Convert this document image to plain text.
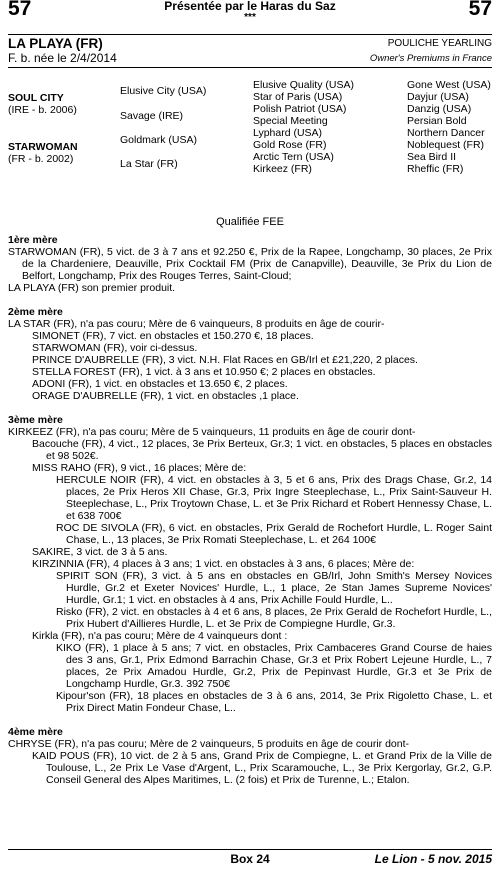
57	Présentée par le Haras du Saz
***	57
LA PLAYA (FR)
F. b. née le 2/4/2014
POULICHE YEARLING
Owner's Premiums in France
SOUL CITY
(IRE - b. 2006)
STARWOMAN
(FR - b. 2002)
Elusive City (USA)
Savage (IRE)
Goldmark (USA)
La Star (FR)
Elusive Quality (USA)
Star of Paris (USA)
Polish Patriot (USA)
Special Meeting
Lyphard (USA)
Gold Rose (FR)
Arctic Tern (USA)
Kirkeez (FR)
Gone West (USA)
Dayjur (USA)
Danzig (USA)
Persian Bold
Northern Dancer
Noblequest (FR)
Sea Bird II
Rheffic (FR)
Qualifiée FEE

1ère mère

STARWOMAN (FR), 5 vict. de 3 à 7 ans et 92.250 €, Prix de la Rapee, Longchamp, 30 places, 2e Prix de la Chardeniere, Deauville, Prix Cocktail FM (Prix de Canapville), Deauville, 3e Prix du Lion de Belfort, Longchamp, Prix des Rouges Terres, Saint-Cloud;

LA PLAYA (FR) son premier produit.

2ème mère

LA STAR (FR), n'a pas couru; Mère de 6 vainqueurs, 8 produits en âge de courir-

SIMONET (FR), 7 vict. en obstacles et 150.270 €, 18 places.

STARWOMAN (FR), voir ci-dessus.

PRINCE D'AUBRELLE (FR), 3 vict. N.H. Flat Races en GB/Irl et £21,220, 2 places.

STELLA FOREST (FR), 1 vict. à 3 ans et 10.950 €; 2 places en obstacles.

ADONI (FR), 1 vict. en obstacles et 13.650 €, 2 places.

ORAGE D'AUBRELLE (FR), 1 vict. en obstacles ,1 place.

3ème mère

KIRKEEZ (FR), n'a pas couru; Mère de 5 vainqueurs, 11 produits en âge de courir dont-

Bacouche (FR), 4 vict., 12 places, 3e Prix Berteux, Gr.3; 1 vict. en obstacles, 5 places en obstacles et 98 502€.

MISS RAHO (FR), 9 vict., 16 places; Mère de:

HERCULE NOIR (FR), 4 vict. en obstacles à 3, 5 et 6 ans, Prix des Drags Chase, Gr.2, 14 places, 2e Prix Heros XII Chase, Gr.3, Prix Ingre Steeplechase, L., Prix Saint-Sauveur H. Steeplechase, L., Prix Troytown Chase, L. et 3e Prix Richard et Robert Hennessy Chase, L. et 638 700€

ROC DE SIVOLA (FR), 6 vict. en obstacles, Prix Gerald de Rochefort Hurdle, L. Roger Saint Chase, L., 13 places, 3e Prix Romati Steeplechase, L. et 264 100€

SAKIRE, 3 vict. de 3 à 5 ans.

KIRZINNIA (FR), 4 places à 3 ans; 1 vict. en obstacles à 3 ans, 6 places; Mère de:

SPIRIT SON (FR), 3 vict. à 5 ans en obstacles en GB/Irl, John Smith's Mersey Novices Hurdle, Gr.2 et Exeter Novices' Hurdle, L., 1 place, 2e Stan James Supreme Novices' Hurdle, Gr.1; 1 vict. en obstacles à 4 ans, Prix Achille Fould Hurdle, L..

Risko (FR), 2 vict. en obstacles à 4 et 6 ans, 8 places, 2e Prix Gerald de Rochefort Hurdle, L., Prix Hubert d'Aillieres Hurdle, L. et 3e Prix de Compiegne Hurdle, Gr.3.

Kirkla (FR), n'a pas couru; Mère de 4 vainqueurs dont :

KIKO (FR), 1 place à 5 ans; 7 vict. en obstacles, Prix Cambaceres Grand Course de haies des 3 ans, Gr.1, Prix Edmond Barrachin Chase, Gr.3 et Prix Robert Lejeune Hurdle, L., 7 places, 2e Prix Amadou Hurdle, Gr.2, Prix de Pepinvast Hurdle, Gr.3 et 3e Prix de Longchamp Hurdle, Gr.3. 392 750€

Kipour'son (FR), 18 places en obstacles de 3 à 6 ans, 2014, 3e Prix Rigoletto Chase, L. et Prix Direct Matin Fondeur Chase, L..

4ème mère

CHRYSE (FR), n'a pas couru; Mère de 2 vainqueurs, 5 produits en âge de courir dont-

KAID POUS (FR), 10 vict. de 2 à 5 ans, Grand Prix de Compiegne, L. et Grand Prix de la Ville de Toulouse, L., 2e Prix Le Vase d'Argent, L., Prix Scaramouche, L., 3e Prix Kergorlay, Gr.2, G.P. Conseil General des Alpes Maritimes, L. (2 fois) et Prix de Turenne, L.; Etalon.

Box 24	Le Lion - 5 nov. 2015
